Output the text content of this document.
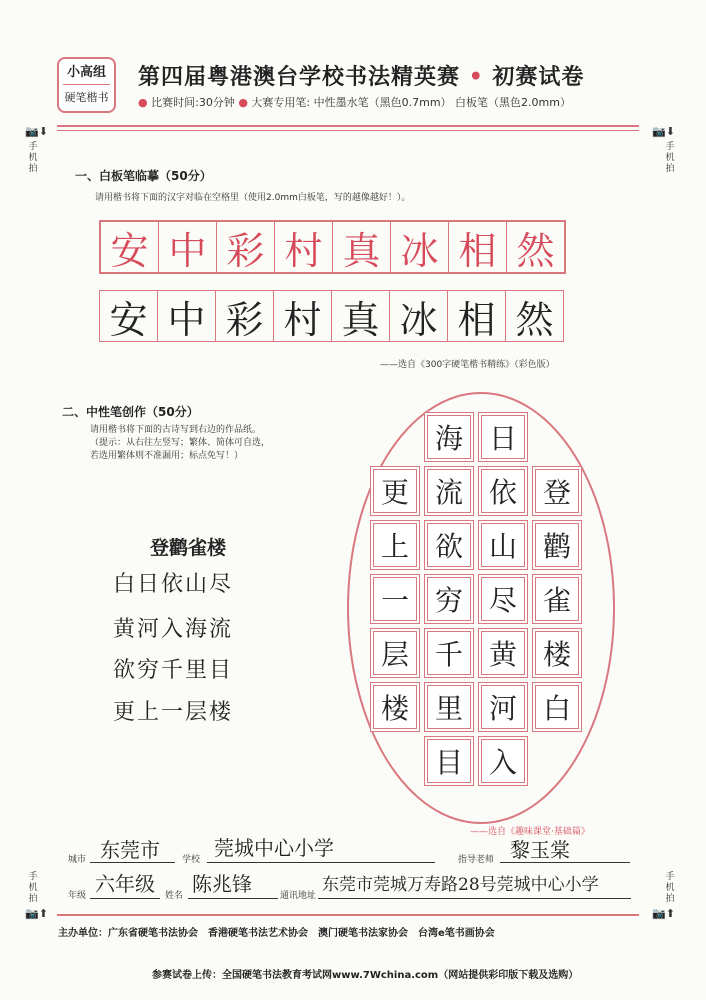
小高组
硬笔楷书
第四届粤港澳台学校书法精英赛 • 初赛试卷
● 比赛时间:30分钟 ● 大赛专用笔: 中性墨水笔（黑色0.7mm） 白板笔（黑色2.0mm）
📷⬇
手机拍
📷⬇
手机拍
手机拍
📷⬆
手机拍
📷⬆
一、白板笔临摹（50分）
请用楷书将下面的汉字对临在空格里（使用2.0mm白板笔，写的越像越好！）。
安 中 彩 村 真 冰 相 然
安 中 彩 村 真 冰 相 然
——选自《300字硬笔楷书精练》（彩色版）
二、中性笔创作（50分）
请用楷书将下面的古诗写到右边的作品纸。
（提示：从右往左竖写；繁体、简体可自选，
若选用繁体则不准漏用；标点免写！）
登鹳雀楼
白日依山尽
黄河入海流
欲穷千里目
更上一层楼
登
鹳
雀
楼
白
日
依
山
尽
黄
河
入
海
流
欲
穷
千
里
目
更
上
一
层
楼
——选自《趣味课堂·基础篇》
城市 东莞市 学校 莞城中心小学	指导老师 黎玉棠
年级 六年级 姓名 陈兆锋	通讯地址
东莞市莞城万寿路28号莞城中心小学
主办单位：广东省硬笔书法协会　香港硬笔书法艺术协会　澳门硬笔书法家协会　台湾e笔书画协会
参赛试卷上传：全国硬笔书法教育考试网www.7Wchina.com（网站提供彩印版下载及选购）
